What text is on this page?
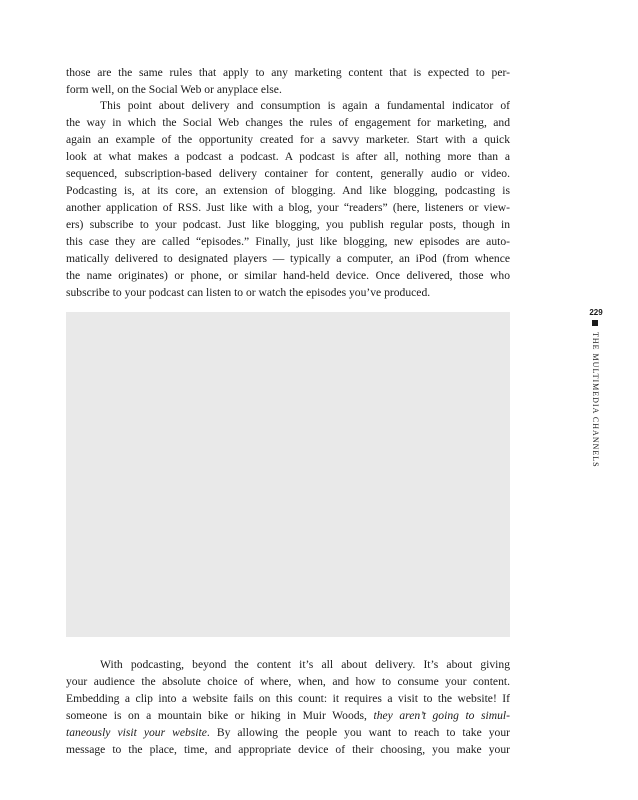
those are the same rules that apply to any marketing content that is expected to per-

form well, on the Social Web or anyplace else.

This point about delivery and consumption is again a fundamental indicator of

the way in which the Social Web changes the rules of engagement for marketing, and

again an example of the opportunity created for a savvy marketer. Start with a quick

look at what makes a podcast a podcast. A podcast is after all, nothing more than a

sequenced, subscription-based delivery container for content, generally audio or video.

Podcasting is, at its core, an extension of blogging. And like blogging, podcasting is

another application of RSS. Just like with a blog, your “readers” (here, listeners or view-

ers) subscribe to your podcast. Just like blogging, you publish regular posts, though in

this case they are called “episodes.” Finally, just like blogging, new episodes are auto-

matically delivered to designated players — typically a computer, an iPod (from whence

the name originates) or phone, or similar hand-held device. Once delivered, those who

subscribe to your podcast can listen to or watch the episodes you’ve produced.

229
THE MULTIMEDIA CHANNELS

With podcasting, beyond the content it’s all about delivery. It’s about giving

your audience the absolute choice of where, when, and how to consume your content.

Embedding a clip into a website fails on this count: it requires a visit to the website! If

someone is on a mountain bike or hiking in Muir Woods, they aren’t going to simul-

taneously visit your website. By allowing the people you want to reach to take your

message to the place, time, and appropriate device of their choosing, you make your
